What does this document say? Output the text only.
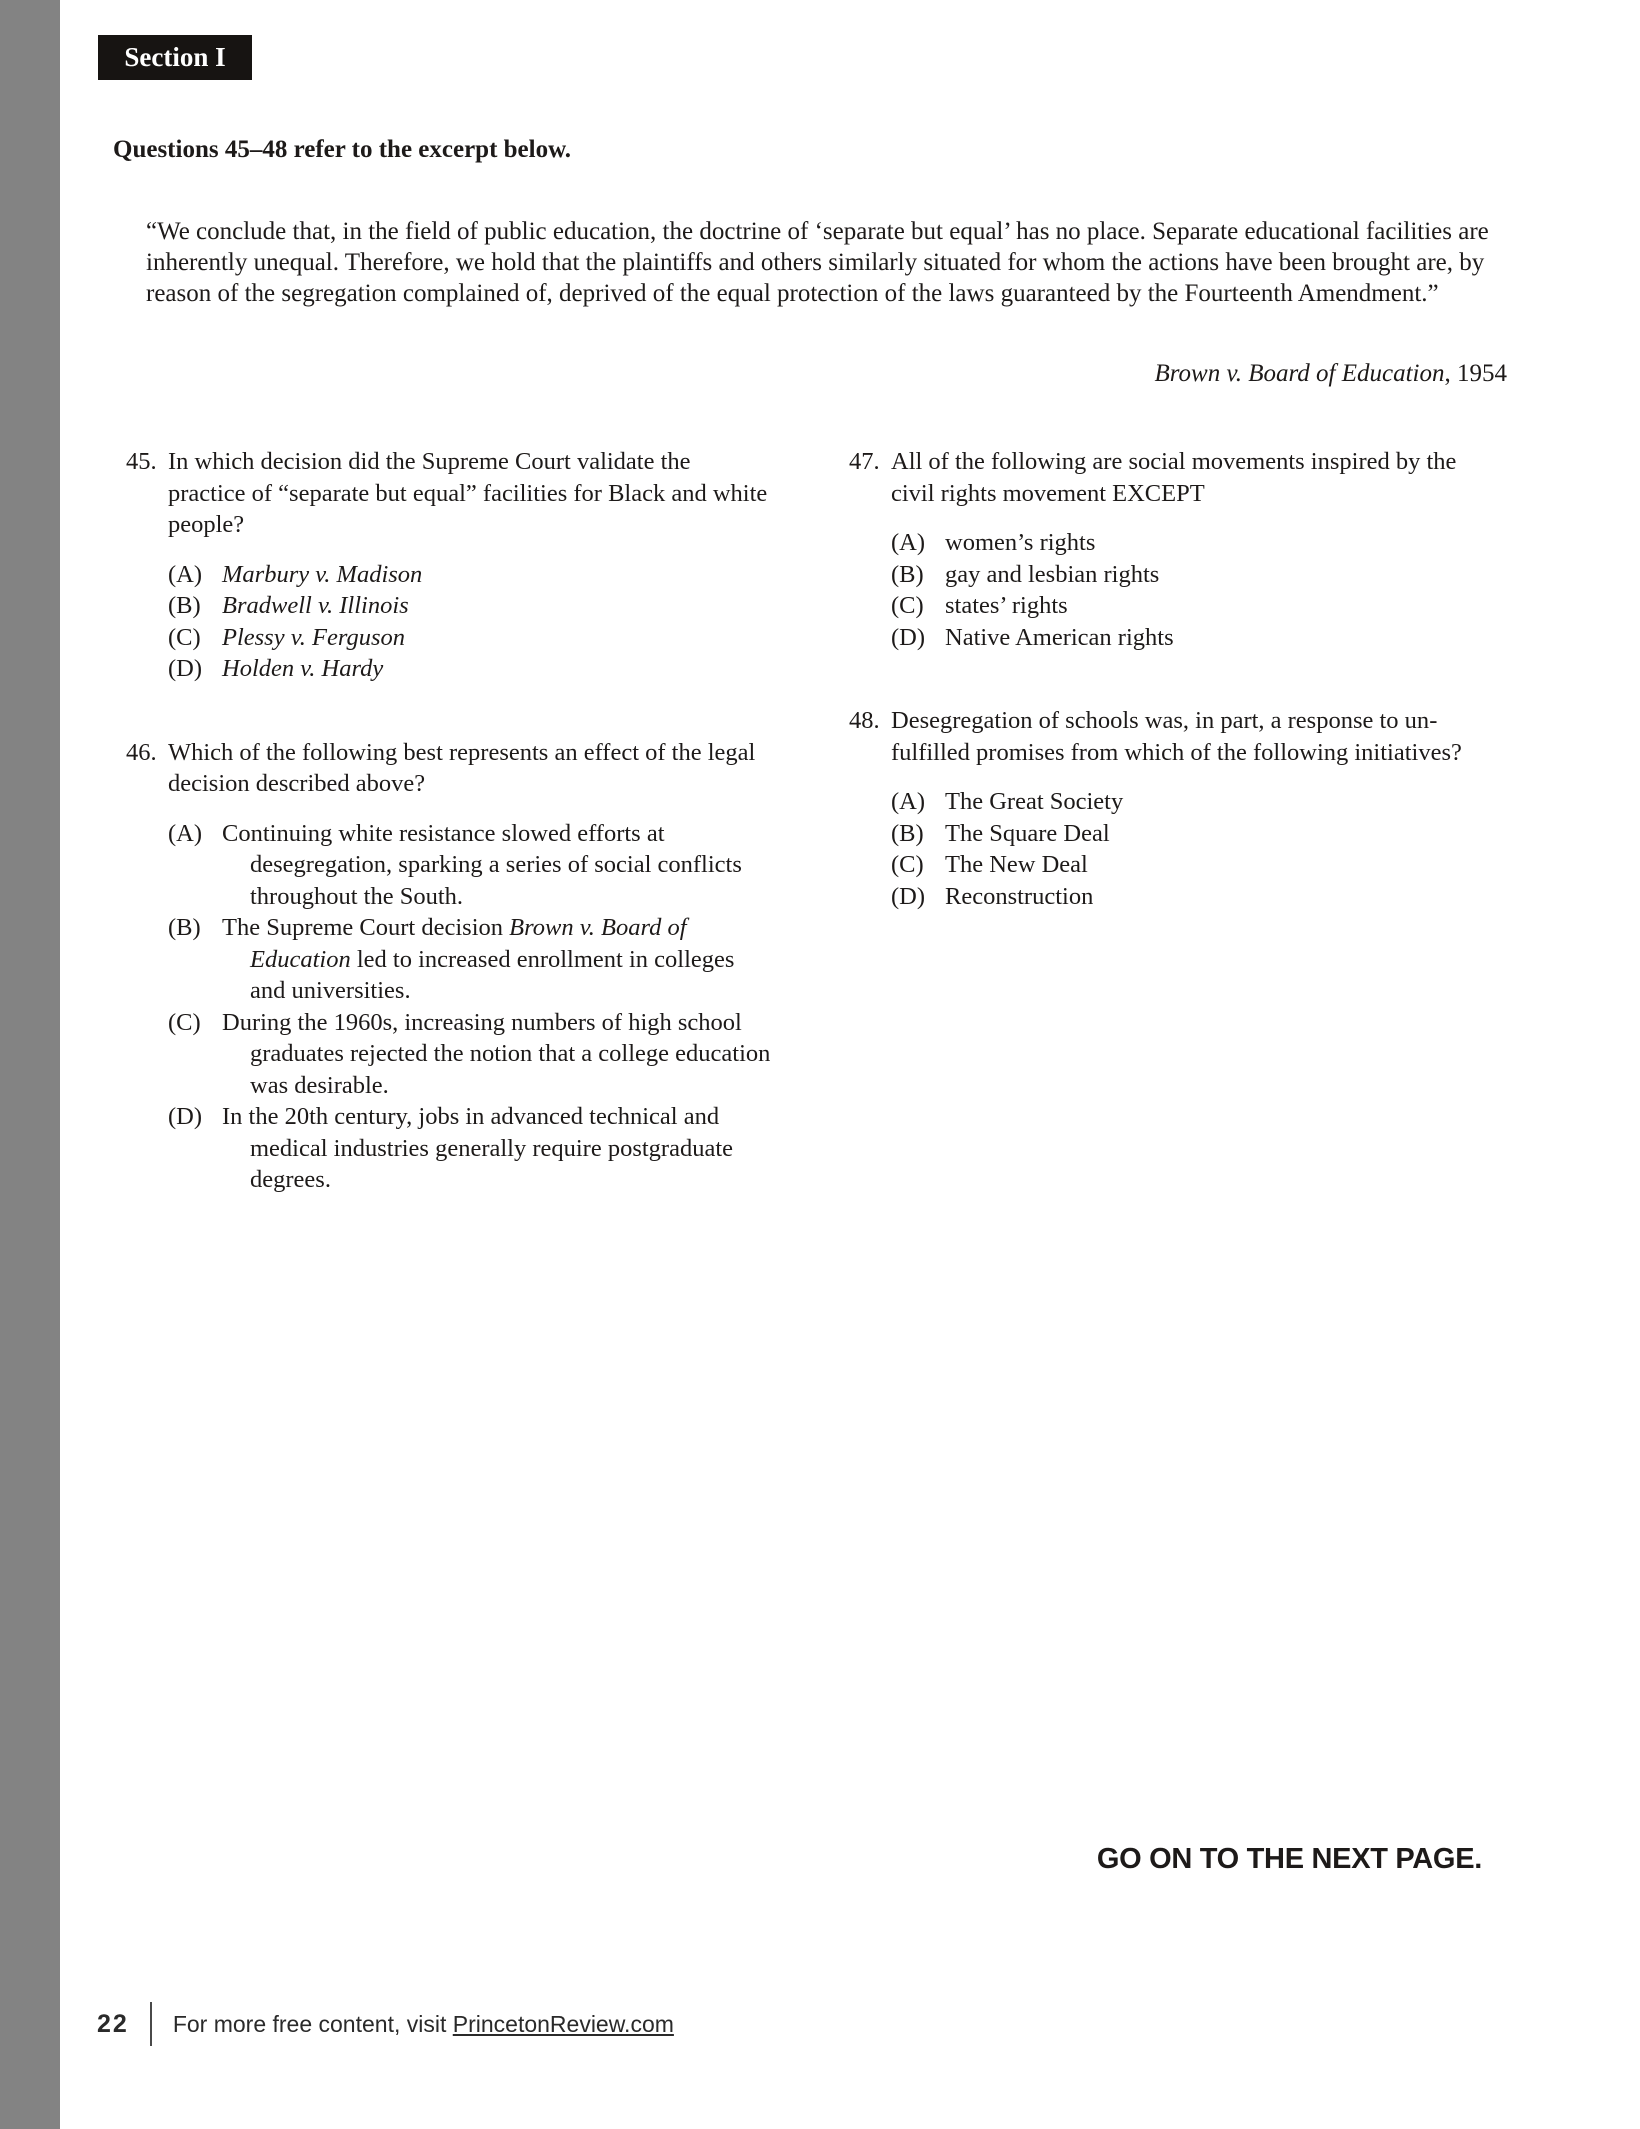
Section I
Questions 45–48 refer to the excerpt below.

“We conclude that, in the field of public education, the doctrine of ‘separate but equal’ has no place. Separate educational facilities are inherently unequal. Therefore, we hold that the plaintiffs and others similarly situated for whom the actions have been brought are, by reason of the segregation complained of, deprived of the equal protection of the laws guaranteed by the Fourteenth Amendment.”

Brown v. Board of Education, 1954

45. In which decision did the Supreme Court validate the practice of “separate but equal” facilities for Black and white people?

(A) Marbury v. Madison
(B) Bradwell v. Illinois
(C) Plessy v. Ferguson
(D) Holden v. Hardy
46. Which of the following best represents an effect of the legal decision described above?

(A) Continuing white resistance slowed efforts at desegregation, sparking a series of social conflicts throughout the South.
(B) The Supreme Court decision Brown v. Board of Education led to increased enrollment in colleges and universities.
(C) During the 1960s, increasing numbers of high school graduates rejected the notion that a college education was desirable.
(D) In the 20th century, jobs in advanced technical and medical industries generally require postgraduate degrees.
47. All of the following are social movements inspired by the civil rights movement EXCEPT

(A) women’s rights
(B) gay and lesbian rights
(C) states’ rights
(D) Native American rights
48. Desegregation of schools was, in part, a response to unfulfilled promises from which of the following initiatives?

(A) The Great Society
(B) The Square Deal
(C) The New Deal
(D) Reconstruction
GO ON TO THE NEXT PAGE.
22 For more free content, visit PrincetonReview.com
